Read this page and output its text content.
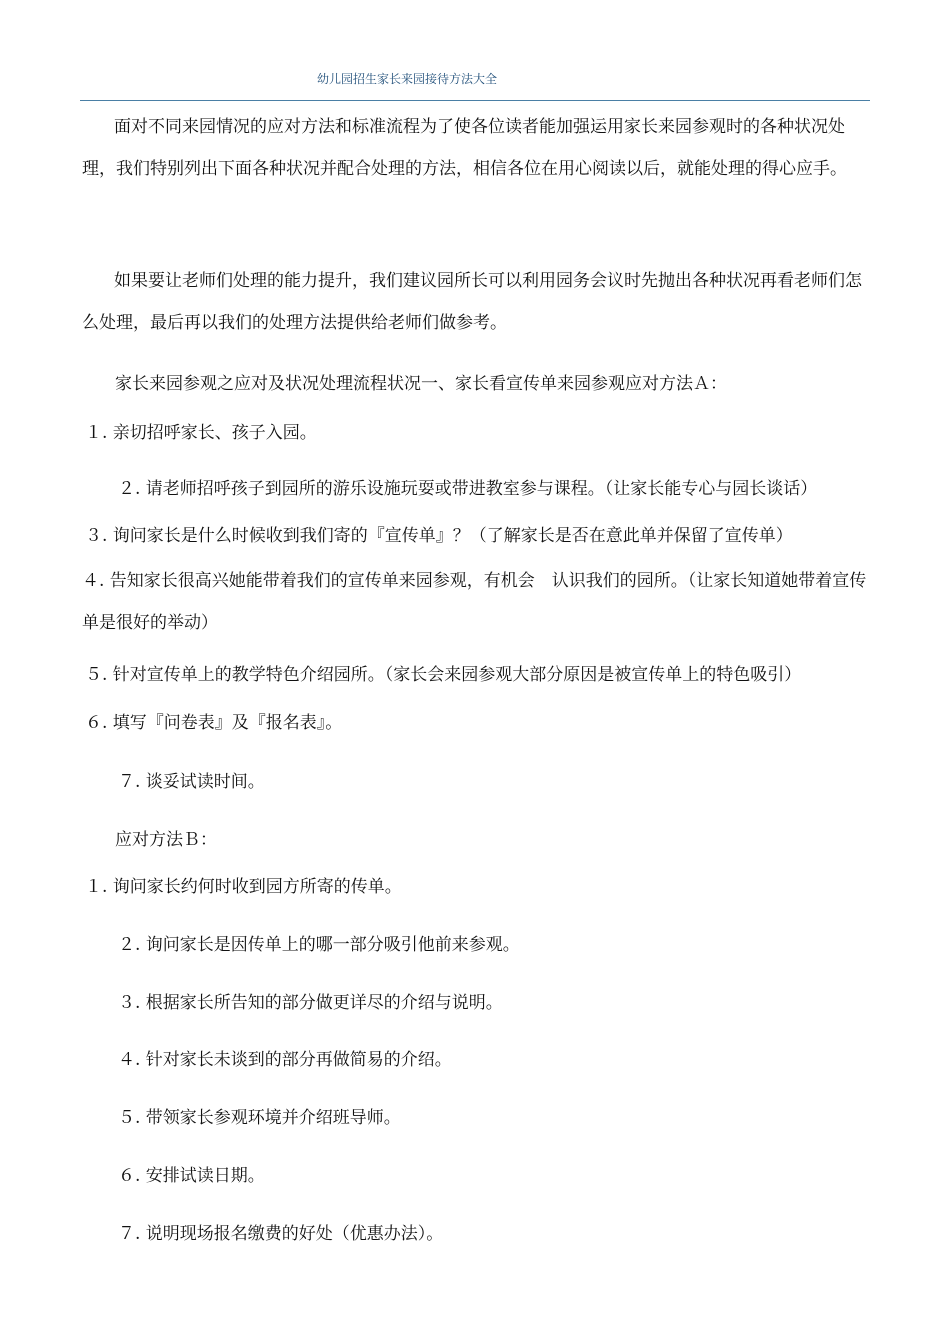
幼儿园招生家长来园接待方法大全

面对不同来园情况的应对方法和标准流程为了使各位读者能加强运用家长来园参观时的各种状况处理，我们特别列出下面各种状况并配合处理的方法，相信各位在用心阅读以后，就能处理的得心应手。

如果要让老师们处理的能力提升，我们建议园所长可以利用园务会议时先抛出各种状况再看老师们怎么处理，最后再以我们的处理方法提供给老师们做参考。

家长来园参观之应对及状况处理流程状况一、家长看宣传单来园参观应对方法Ａ：
１. 亲切招呼家长、孩子入园。
２. 请老师招呼孩子到园所的游乐设施玩耍或带进教室参与课程。（让家长能专心与园长谈话）
３. 询问家长是什么时候收到我们寄的『宣传单』？（了解家长是否在意此单并保留了宣传单）

４. 告知家长很高兴她能带着我们的宣传单来园参观，有机会　认识我们的园所。（让家长知道她带着宣传单是很好的举动）

５. 针对宣传单上的教学特色介绍园所。（家长会来园参观大部分原因是被宣传单上的特色吸引）
６. 填写『问卷表』及『报名表』。
７. 谈妥试读时间。
应对方法Ｂ：
１. 询问家长约何时收到园方所寄的传单。
２. 询问家长是因传单上的哪一部分吸引他前来参观。
３. 根据家长所告知的部分做更详尽的介绍与说明。
４. 针对家长未谈到的部分再做简易的介绍。
５. 带领家长参观环境并介绍班导师。
６. 安排试读日期。
７. 说明现场报名缴费的好处（优惠办法）。
